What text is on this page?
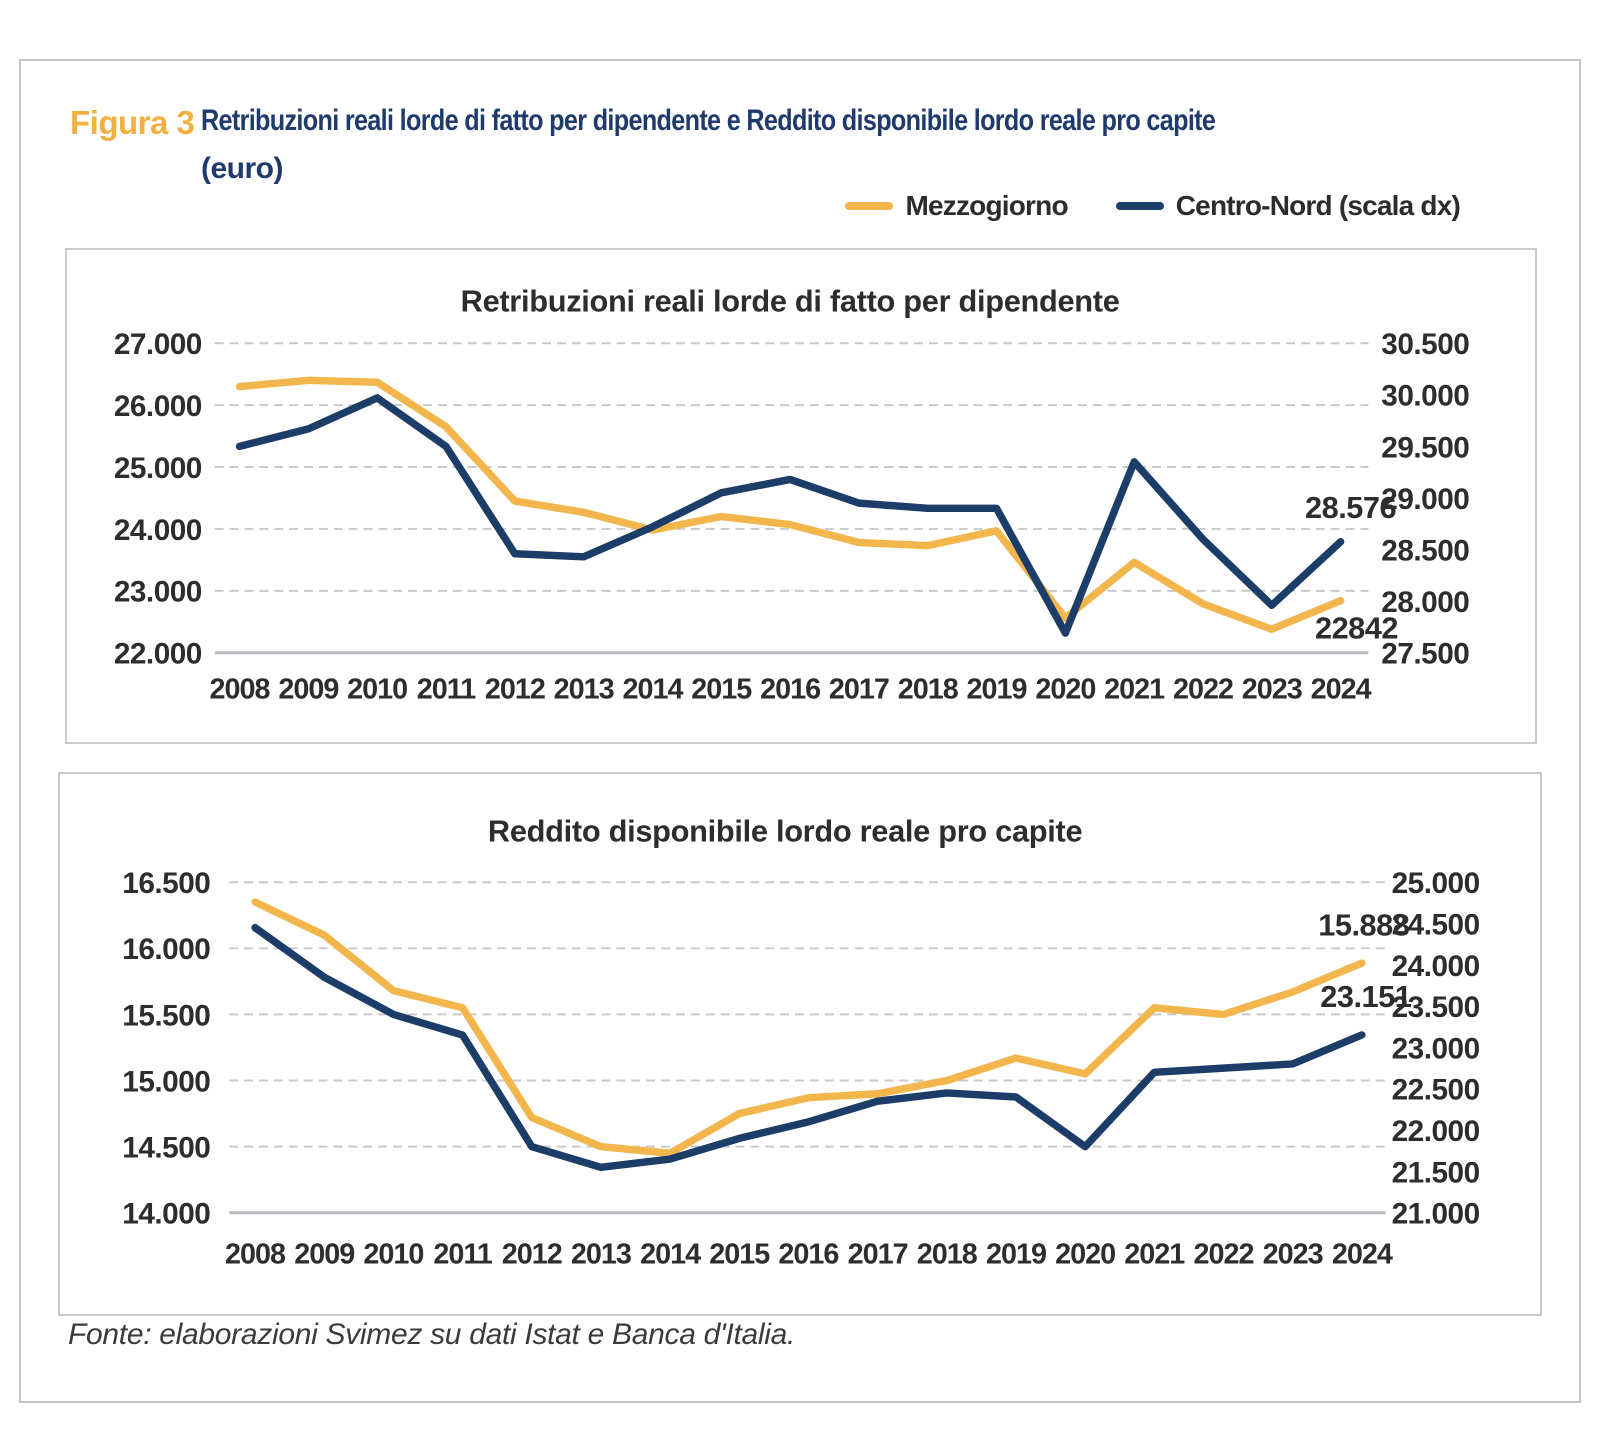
Figura 3 Retribuzioni reali lorde di fatto per dipendente e Reddito disponibile lordo reale pro capite
(euro)
Mezzogiorno	Centro-Nord (scala dx)
27.000
26.000
25.000
24.000
23.000
22.000
30.500
30.000
29.500
29.000
28.500
28.000
27.500
2008 2009 2010 2011 2012 2013 2014 2015 2016 2017 2018 2019 2020 2021 2022 2023 2024
Retribuzioni reali lorde di fatto per dipendente
22842
28.576
16.500
16.000
15.500
15.000
14.500
14.000
25.000
24.500
24.000
23.500
23.000
22.500
22.000
21.500
21.000
2008 2009 2010 2011 2012 2013 2014 2015 2016 2017 2018 2019 2020 2021 2022 2023 2024
Reddito disponibile lordo reale pro capite
15.888
23.151
Fonte: elaborazioni Svimez su dati Istat e Banca d'Italia.
